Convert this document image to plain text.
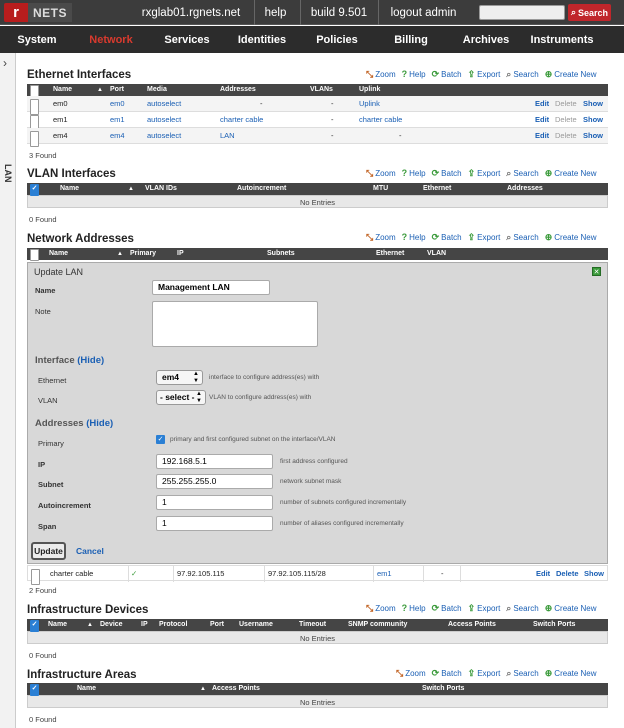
r	NETS	rxglab01.rgnets.net	help	build 9.501	logout admin	⌕ Search
System	Network	Services	Identities	Policies	Billing	Archives	Instruments
›
LAN
Ethernet Interfaces	⤡ Zoom ? Help ⟳ Batch ⇪ Export ⌕ Search ⊕ Create New
Name	▲ Port	Media	Addresses	VLANs	Uplink
em0	em0	autoselect	-	-	Uplink	Edit Delete Show
em1	em1	autoselect	charter cable	-	charter cable	Edit Delete Show
em4	em4	autoselect	LAN	-	-	Edit Delete Show
3 Found
VLAN Interfaces	⤡ Zoom ? Help ⟳ Batch ⇪ Export ⌕ Search ⊕ Create New
✓	Name	▲ VLAN IDs	Autoincrement	MTU	Ethernet	Addresses
No Entries
0 Found
Network Addresses	⤡ Zoom ? Help ⟳ Batch ⇪ Export ⌕ Search ⊕ Create New
Name	▲ Primary	IP	Subnets	Ethernet	VLAN
Update LAN	✕
Name	Management LAN
Note
Interface (Hide)
Ethernet	em4 ▲
▼ interface to configure address(es) with
VLAN	- select - ▲
▼ VLAN to configure address(es) with
Addresses (Hide)
Primary	✓ primary and first configured subnet on the interface/VLAN
IP	192.168.5.1	first address configured
Subnet	255.255.255.0	network subnet mask
Autoincrement	1	number of subnets configured incrementally
Span	1	number of aliases configured incrementally
Update	Cancel
charter cable	✓	97.92.105.115	97.92.105.115/28	em1	-	Edit Delete Show
2 Found
Infrastructure Devices	⤡ Zoom ? Help ⟳ Batch ⇪ Export ⌕ Search ⊕ Create New
✓ Name	▲ Device	IP Protocol	Port Username	Timeout	SNMP community	Access Points	Switch Ports
No Entries
0 Found
Infrastructure Areas	⤡ Zoom ⟳ Batch ⇪ Export ⌕ Search ⊕ Create New
✓	Name	▲ Access Points	Switch Ports
No Entries
0 Found
